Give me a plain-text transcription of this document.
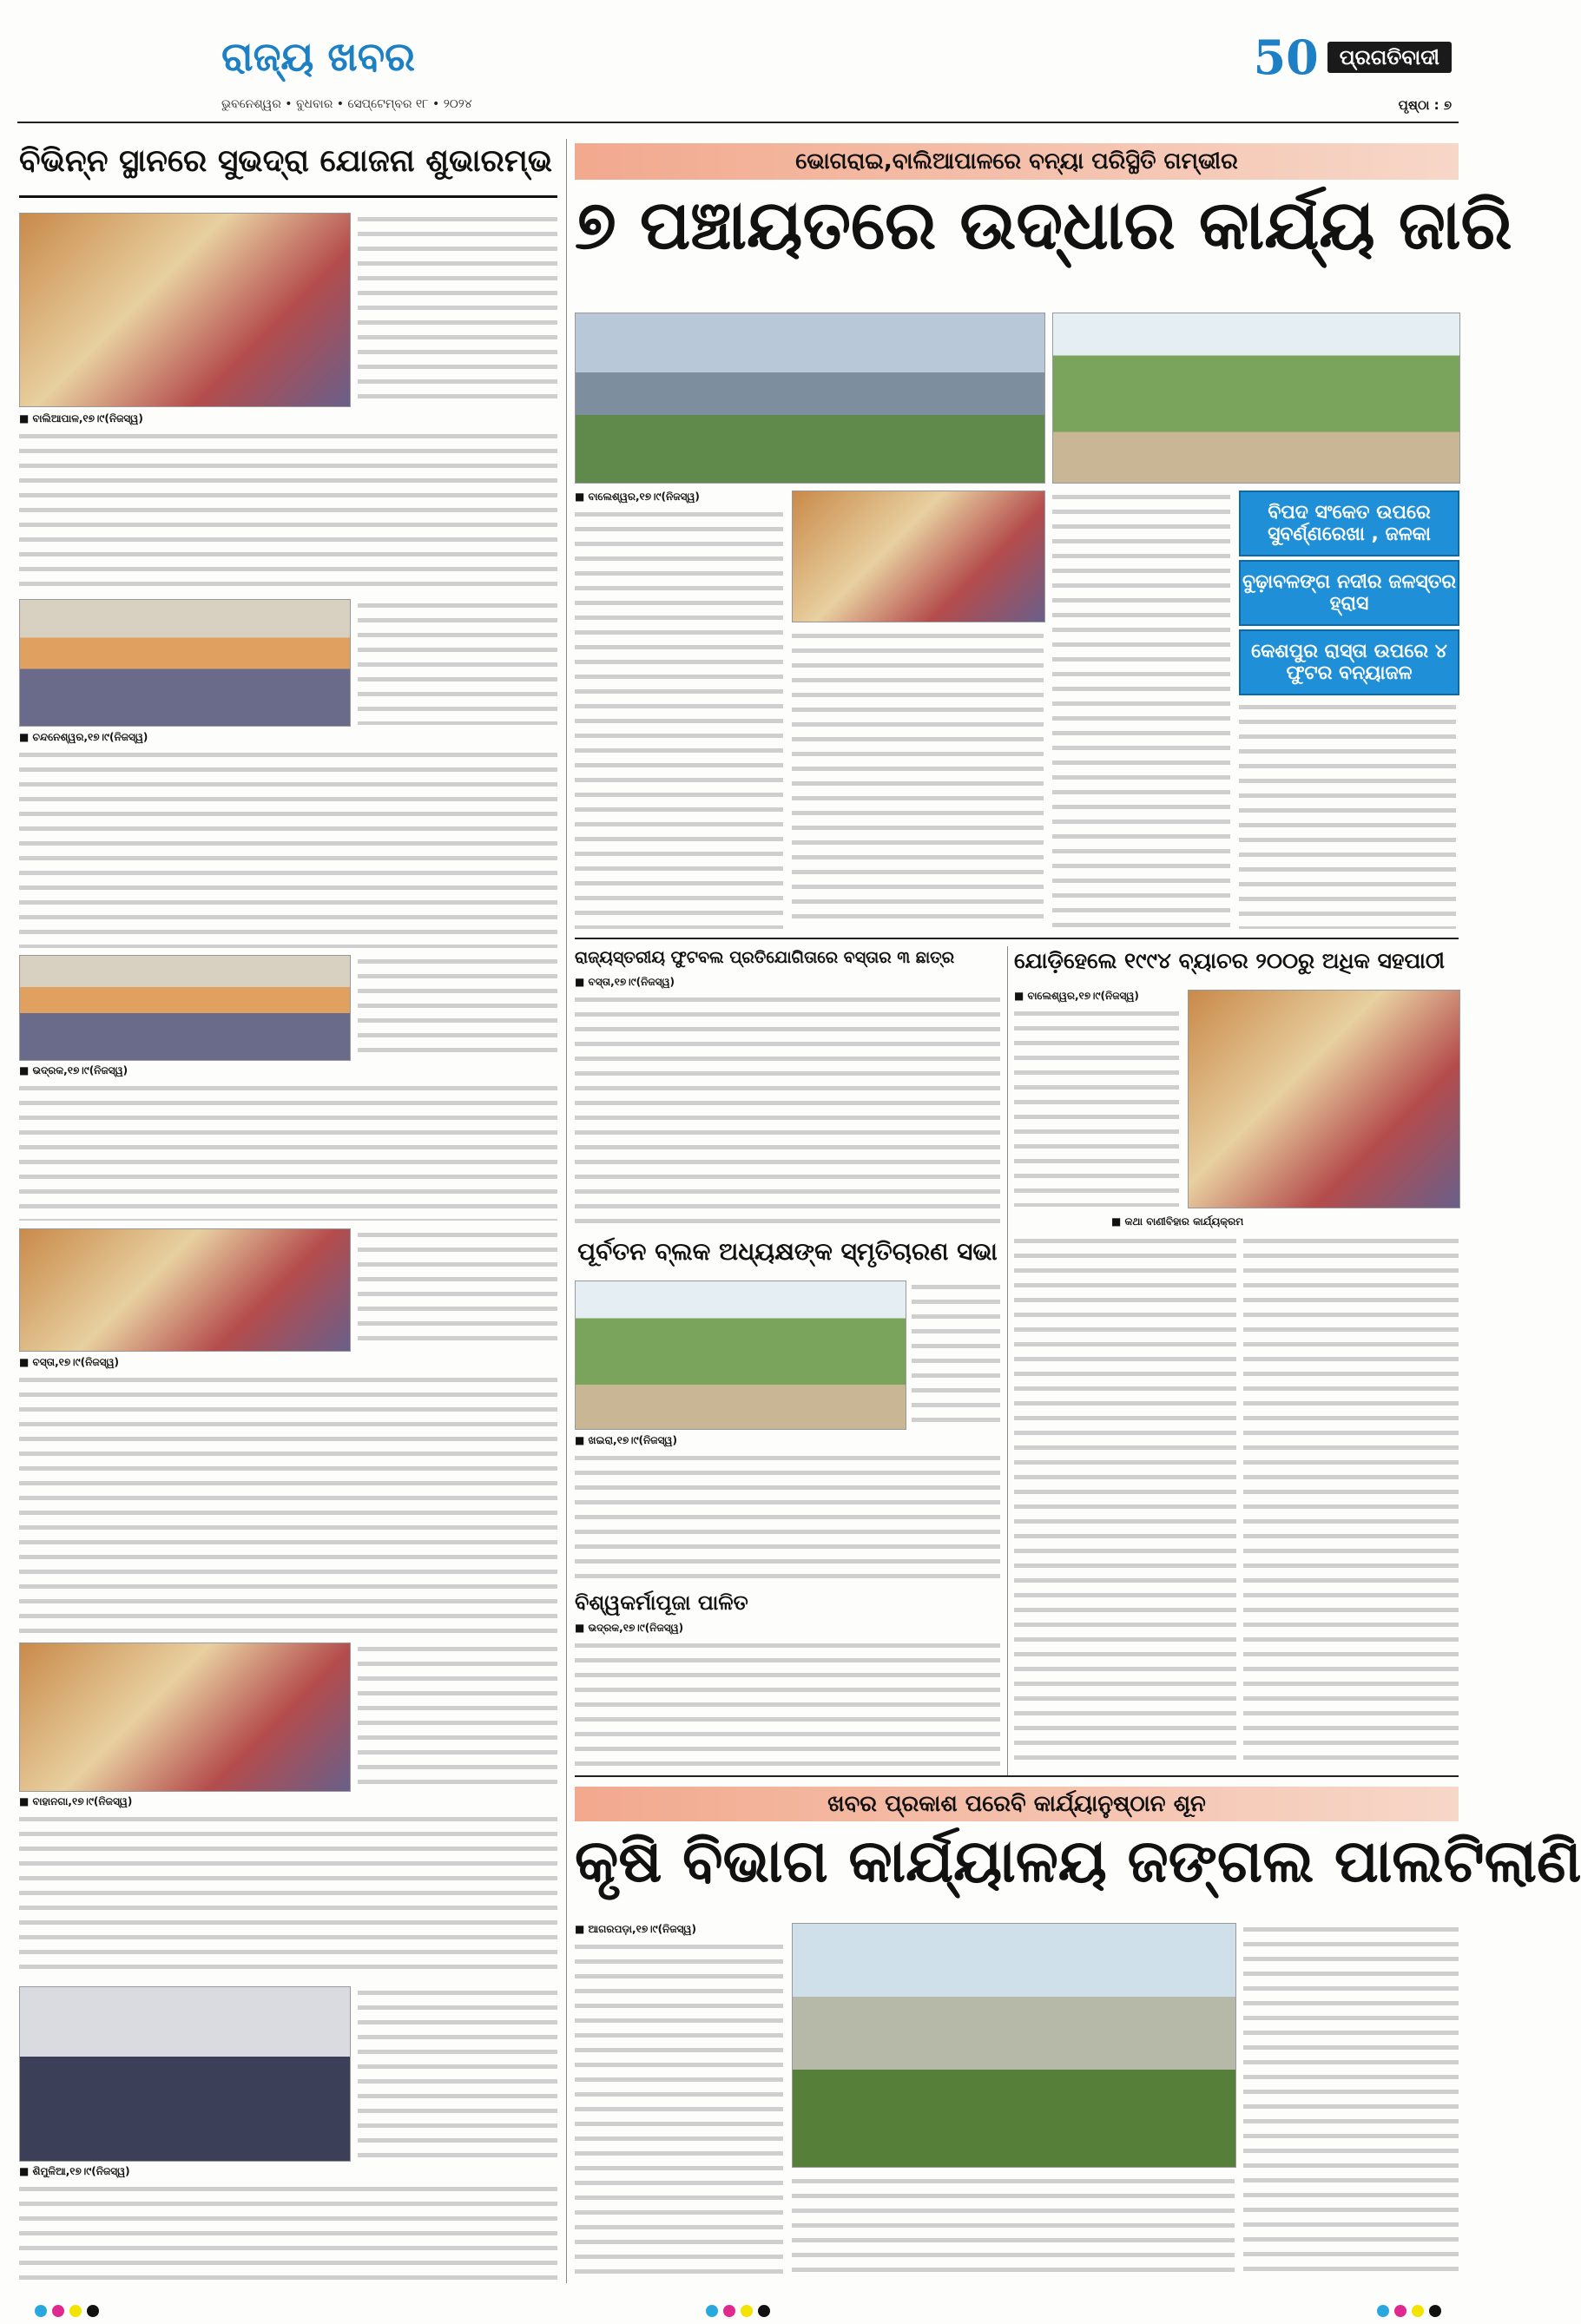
ରାଜ୍ୟ ଖବର
ଭୁବନେଶ୍ୱର • ବୁଧବାର • ସେପ୍ଟେମ୍ବର ୧୮ • ୨୦୨୪
50	ପ୍ରଗତିବାଦୀ
ପୃଷ୍ଠା : ୭
ବିଭିନ୍ନ ସ୍ଥାନରେ ସୁଭଦ୍ରା ଯୋଜନା ଶୁଭାରମ୍ଭ
■ ବାଲିଆପାଳ,୧୭।୯(ନିଜସ୍ୱ)
■ ଚନ୍ଦନେଶ୍ୱର,୧୭।୯(ନିଜସ୍ୱ)
■ ଭଦ୍ରକ,୧୭।୯(ନିଜସ୍ୱ)
■ ବସ୍ତା,୧୭।୯(ନିଜସ୍ୱ)
■ ବାହାନଗା,୧୭।୯(ନିଜସ୍ୱ)
■ ଶିମୁଳିଆ,୧୭।୯(ନିଜସ୍ୱ)
ଭୋଗରାଇ,ବାଲିଆପାଳରେ ବନ୍ୟା ପରିସ୍ଥିତି ଗମ୍ଭୀର
୭ ପଞ୍ଚାୟତରେ ଉଦ୍ଧାର କାର୍ଯ୍ୟ ଜାରି
■ ବାଲେଶ୍ୱର,୧୭।୯(ନିଜସ୍ୱ)
ବିପଦ ସଂକେତ ଉପରେ ସୁବର୍ଣ୍ଣରେଖା , ଜଳକା
ବୁଢ଼ାବଳଙ୍ଗ ନଦୀର ଜଳସ୍ତର ହ୍ରାସ
କେଶପୁର ରାସ୍ତା ଉପରେ ୪ ଫୁଟର ବନ୍ୟାଜଳ
ରାଜ୍ୟସ୍ତରୀୟ ଫୁଟବଲ ପ୍ରତିଯୋଗିତାରେ ବସ୍ତାର ୩ ଛାତ୍ର
■ ବସ୍ତା,୧୭।୯(ନିଜସ୍ୱ)
ପୂର୍ବତନ ବ୍ଲକ ଅଧ୍ୟକ୍ଷଙ୍କ ସ୍ମୃତିଚାରଣ ସଭା
■ ଖଇରା,୧୭।୯(ନିଜସ୍ୱ)
ବିଶ୍ୱକର୍ମାପୂଜା ପାଳିତ
■ ଭଦ୍ରକ,୧୭।୯(ନିଜସ୍ୱ)
ଯୋଡ଼ିହେଲେ ୧୯୯୪ ବ୍ୟାଚର ୨୦୦ରୁ ଅଧିକ ସହପାଠୀ
■ ବାଲେଶ୍ୱର,୧୭।୯(ନିଜସ୍ୱ)
■ କଥା ବାଣୀବିହାର କାର୍ଯ୍ୟକ୍ରମ
ଖବର ପ୍ରକାଶ ପରେବି କାର୍ଯ୍ୟାନୁଷ୍ଠାନ ଶୂନ
କୃଷି ବିଭାଗ କାର୍ଯ୍ୟାଳୟ ଜଙ୍ଗଲ ପାଲଟିଲାଣି
■ ଆଗରପଡ଼ା,୧୭।୯(ନିଜସ୍ୱ)
